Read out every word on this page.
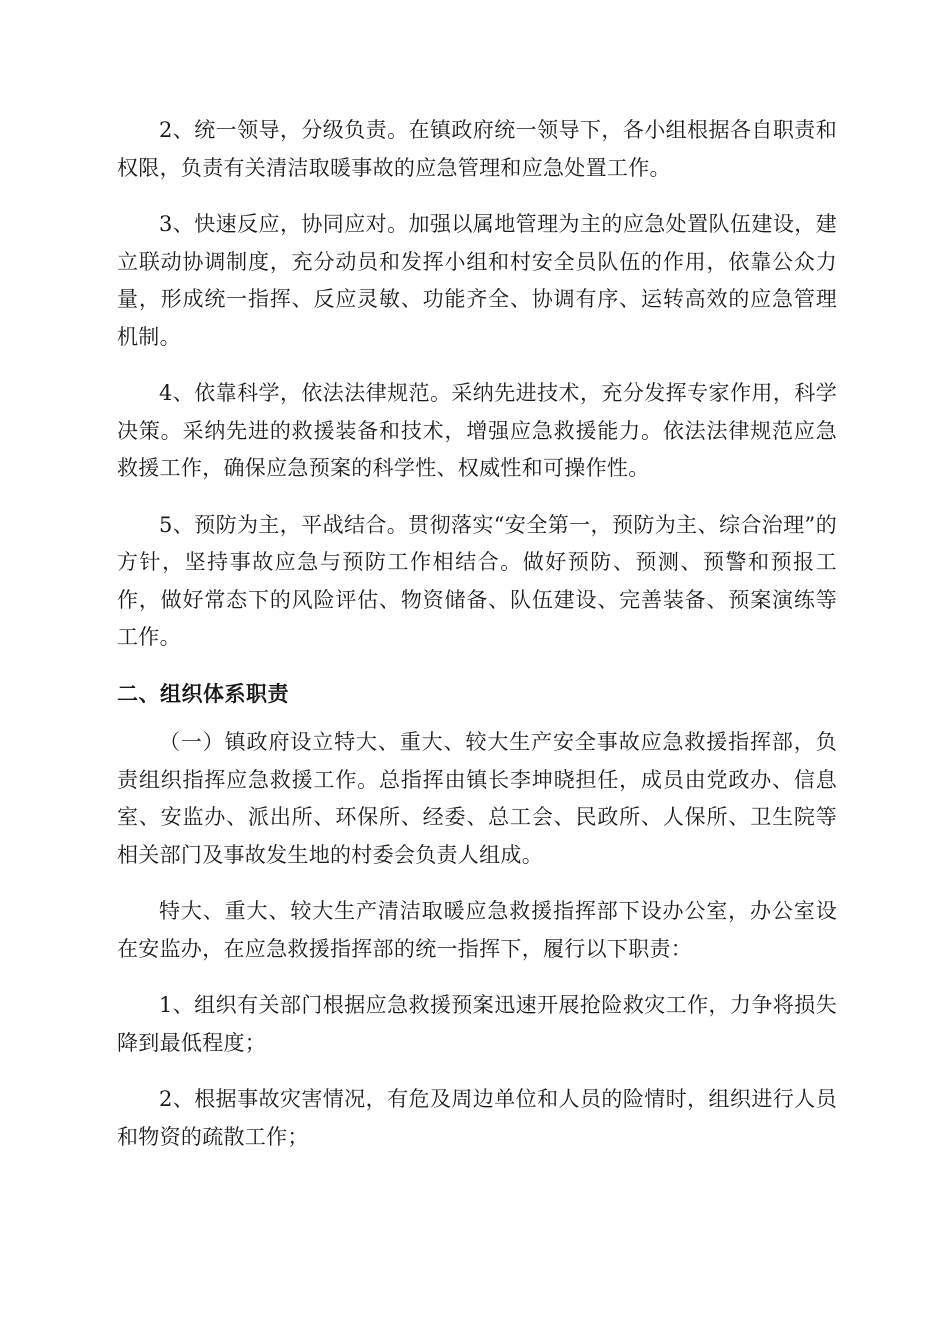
2、统一领导，分级负责。在镇政府统一领导下，各小组根据各自职责和权限，负责有关清洁取暖事故的应急管理和应急处置工作。

3、快速反应，协同应对。加强以属地管理为主的应急处置队伍建设，建立联动协调制度，充分动员和发挥小组和村安全员队伍的作用，依靠公众力量，形成统一指挥、反应灵敏、功能齐全、协调有序、运转高效的应急管理机制。

4、依靠科学，依法法律规范。采纳先进技术，充分发挥专家作用，科学决策。采纳先进的救援装备和技术，增强应急救援能力。依法法律规范应急救援工作，确保应急预案的科学性、权威性和可操作性。

5、预防为主，平战结合。贯彻落实“安全第一，预防为主、综合治理”的方针，坚持事故应急与预防工作相结合。做好预防、预测、预警和预报工作，做好常态下的风险评估、物资储备、队伍建设、完善装备、预案演练等工作。

二、组织体系职责

（一）镇政府设立特大、重大、较大生产安全事故应急救援指挥部，负责组织指挥应急救援工作。总指挥由镇长李坤晓担任，成员由党政办、信息室、安监办、派出所、环保所、经委、总工会、民政所、人保所、卫生院等相关部门及事故发生地的村委会负责人组成。

特大、重大、较大生产清洁取暖应急救援指挥部下设办公室，办公室设在安监办，在应急救援指挥部的统一指挥下，履行以下职责：

1、组织有关部门根据应急救援预案迅速开展抢险救灾工作，力争将损失降到最低程度；

2、根据事故灾害情况，有危及周边单位和人员的险情时，组织进行人员和物资的疏散工作；
